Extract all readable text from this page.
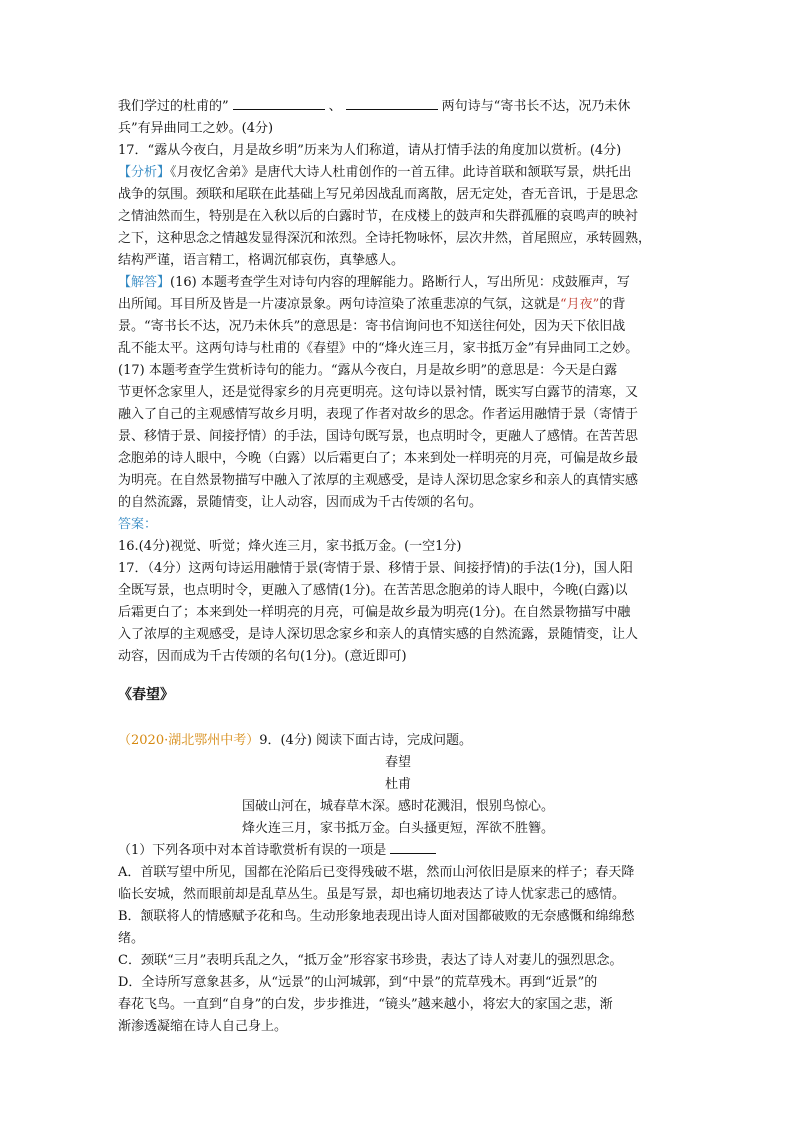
我们学过的杜甫的”	、	两句诗与“寄书长不达，况乃未休
兵”有异曲同工之妙。(4分)
17．“露从今夜白，月是故乡明”历来为人们称道，请从打情手法的角度加以赏析。(4分)
【分析】《月夜忆舍弟》是唐代大诗人杜甫创作的一首五律。此诗首联和颔联写景，烘托出
战争的氛围。颈联和尾联在此基础上写兄弟因战乱而离散，居无定处，杳无音讯，于是思念
之情油然而生，特别是在入秋以后的白露时节，在戍楼上的鼓声和失群孤雁的哀鸣声的映衬
之下，这种思念之情越发显得深沉和浓烈。全诗托物咏怀，层次井然，首尾照应，承转圆熟，
结构严谨，语言精工，格调沉郁哀伤，真挚感人。
【解答】(16) 本题考查学生对诗句内容的理解能力。路断行人，写出所见：戍鼓雁声，写
出所闻。耳目所及皆是一片凄凉景象。两句诗渲染了浓重悲凉的气氛，这就是“月夜”的背
景。“寄书长不达，况乃未休兵”的意思是：寄书信询问也不知送往何处，因为天下依旧战
乱不能太平。这两句诗与杜甫的《春望》中的“烽火连三月，家书抵万金”有异曲同工之妙。
(17) 本题考查学生赏析诗句的能力。“露从今夜白，月是故乡明”的意思是：今天是白露
节更怀念家里人，还是觉得家乡的月亮更明亮。这句诗以景衬情，既实写白露节的清寒，又
融入了自己的主观感情写故乡月明，表现了作者对故乡的思念。作者运用融情于景（寄情于
景、移情于景、间接抒情）的手法，国诗句既写景，也点明时令，更融人了感情。在苦苦思
念胞弟的诗人眼中，今晚（白露）以后霜更白了；本来到处一样明亮的月亮，可偏是故乡最
为明亮。在自然景物描写中融入了浓厚的主观感受，是诗人深切思念家乡和亲人的真情实感
的自然流露，景随情变，让人动容，因而成为千古传颂的名句。
答案：
16.(4分)视觉、听觉；烽火连三月，家书抵万金。(一空1分)
17．（4分）这两句诗运用融情于景(寄情于景、移情于景、间接抒情)的手法(1分)，国人阳
全既写景，也点明时令，更融入了感情(1分)。在苦苦思念胞弟的诗人眼中，今晚(白露)以
后霜更白了；本来到处一样明亮的月亮，可偏是故乡最为明亮(1分)。在自然景物描写中融
入了浓厚的主观感受，是诗人深切思念家乡和亲人的真情实感的自然流露，景随情变，让人
动容，因而成为千古传颂的名句(1分)。(意近即可)
《春望》
（2020·湖北鄂州中考）9．(4分) 阅读下面古诗，完成问题。
春望
杜甫
国破山河在，城春草木深。感时花溅泪，恨别鸟惊心。
烽火连三月，家书抵万金。白头搔更短，浑欲不胜簪。
（1）下列各项中对本首诗歌赏析有误的一项是
A．首联写望中所见，国都在沦陷后已变得残破不堪，然而山河依旧是原来的样子；春天降
临长安城，然而眼前却是乱草丛生。虽是写景，却也痛切地表达了诗人忧家悲己的感情。
B．颔联将人的情感赋予花和鸟。生动形象地表现出诗人面对国都破败的无奈感慨和绵绵愁
绪。
C．颈联“三月”表明兵乱之久，“抵万金”形容家书珍贵，表达了诗人对妻儿的强烈思念。
D．全诗所写意象甚多，从“远景”的山河城郭，到“中景”的荒草残木。再到“近景”的
春花飞鸟。一直到“自身”的白发，步步推进，“镜头”越来越小，将宏大的家国之悲，渐
渐渗透凝缩在诗人自己身上。
